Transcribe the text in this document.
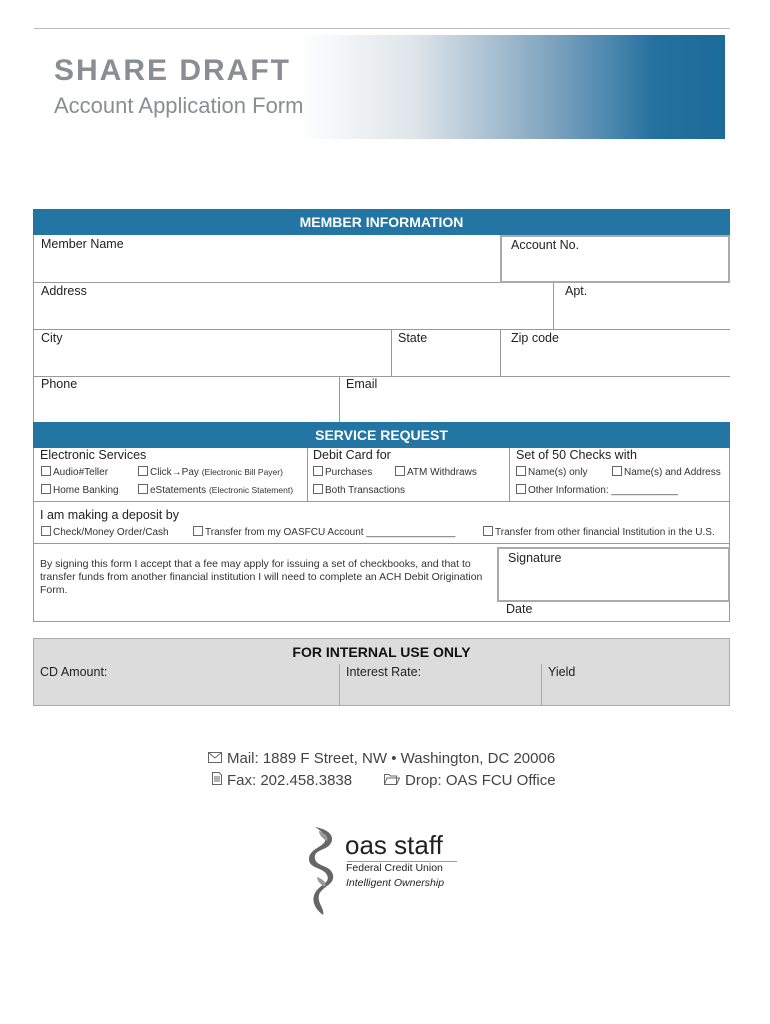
SHARE DRAFT
Account Application Form
MEMBER INFORMATION
Member Name	Account No.
Address	Apt.
City	State	Zip code
Phone	Email
SERVICE REQUEST
Electronic Services	Debit Card for	Set of 50 Checks with
Audio#Teller	Click→Pay (Electronic Bill Payer)	Purchases	ATM Withdraws	Name(s) only	Name(s) and Address
Home Banking	eStatements (Electronic Statement)	Both Transactions	Other Information: ____________
I am making a deposit by
Check/Money Order/Cash	Transfer from my OASFCU Account ________________	Transfer from other financial Institution in the U.S.
By signing this form I accept that a fee may apply for issuing a set of checkbooks, and that to transfer funds from another financial institution I will need to complete an ACH Debit Origination Form.
Signature
Date
FOR INTERNAL USE ONLY
CD Amount:	Interest Rate:	Yield
Mail: 1889 F Street, NW • Washington, DC 20006
Fax: 202.458.3838	Drop: OAS FCU Office
oas staff
Federal Credit Union
Intelligent Ownership
